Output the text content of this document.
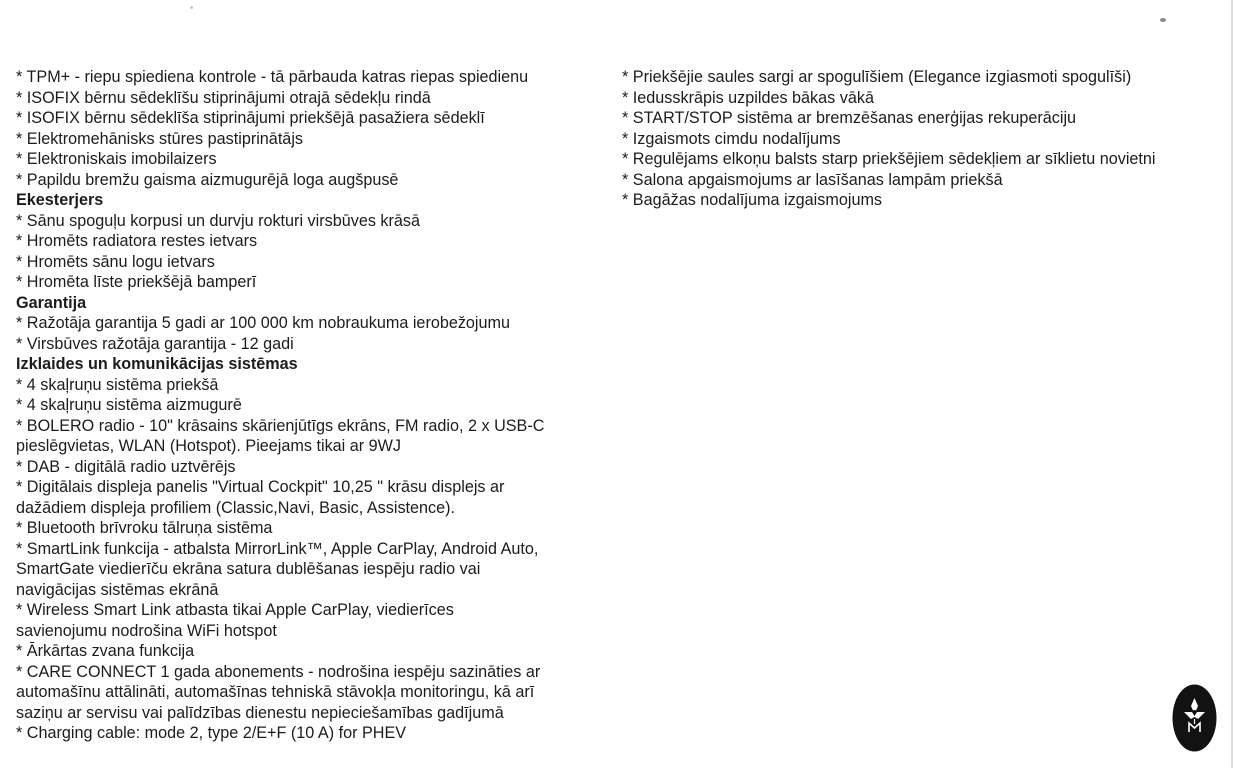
* TPM+ - riepu spiediena kontrole - tā pārbauda katras riepas spiedienu
* ISOFIX bērnu sēdeklīšu stiprinājumi otrajā sēdekļu rindā
* ISOFIX bērnu sēdeklīša stiprinājumi priekšējā pasažiera sēdeklī
* Elektromehānisks stūres pastiprinātājs
* Elektroniskais imobilaizers
* Papildu bremžu gaisma aizmugurējā loga augšpusē
Ekesterjers
* Sānu spoguļu korpusi un durvju rokturi virsbūves krāsā
* Hromēts radiatora restes ietvars
* Hromēts sānu logu ietvars
* Hromēta līste priekšējā bamperī
Garantija
* Ražotāja garantija 5 gadi ar 100 000 km nobraukuma ierobežojumu
* Virsbūves ražotāja garantija - 12 gadi
Izklaides un komunikācijas sistēmas
* 4 skaļruņu sistēma priekšā
* 4 skaļruņu sistēma aizmugurē
* BOLERO radio - 10" krāsains skārienjūtīgs ekrāns, FM radio, 2 x USB-C
pieslēgvietas, WLAN (Hotspot). Pieejams tikai ar 9WJ
* DAB - digitālā radio uztvērējs
* Digitālais displeja panelis "Virtual Cockpit" 10,25 " krāsu displejs ar
dažādiem displeja profiliem (Classic,Navi, Basic, Assistence).
* Bluetooth brīvroku tālruņa sistēma
* SmartLink funkcija - atbalsta MirrorLink™, Apple CarPlay, Android Auto,
SmartGate viedierīču ekrāna satura dublēšanas iespēju radio vai
navigācijas sistēmas ekrānā
* Wireless Smart Link atbasta tikai Apple CarPlay, viedierīces
savienojumu nodrošina WiFi hotspot
* Ārkārtas zvana funkcija
* CARE CONNECT 1 gada abonements - nodrošina iespēju sazināties ar
automašīnu attālināti, automašīnas tehniskā stāvokļa monitoringu, kā arī
saziņu ar servisu vai palīdzības dienestu nepieciešamības gadījumā
* Charging cable: mode 2, type 2/E+F (10 A) for PHEV
* Priekšējie saules sargi ar spogulīšiem (Elegance izgiasmoti spogulīši)
* Iedusskrāpis uzpildes bākas vākā
* START/STOP sistēma ar bremzēšanas enerģijas rekuperāciju
* Izgaismots cimdu nodalījums
* Regulējams elkoņu balsts starp priekšējiem sēdekļiem ar sīklietu novietni
* Salona apgaismojums ar lasīšanas lampām priekšā
* Bagāžas nodalījuma izgaismojums
